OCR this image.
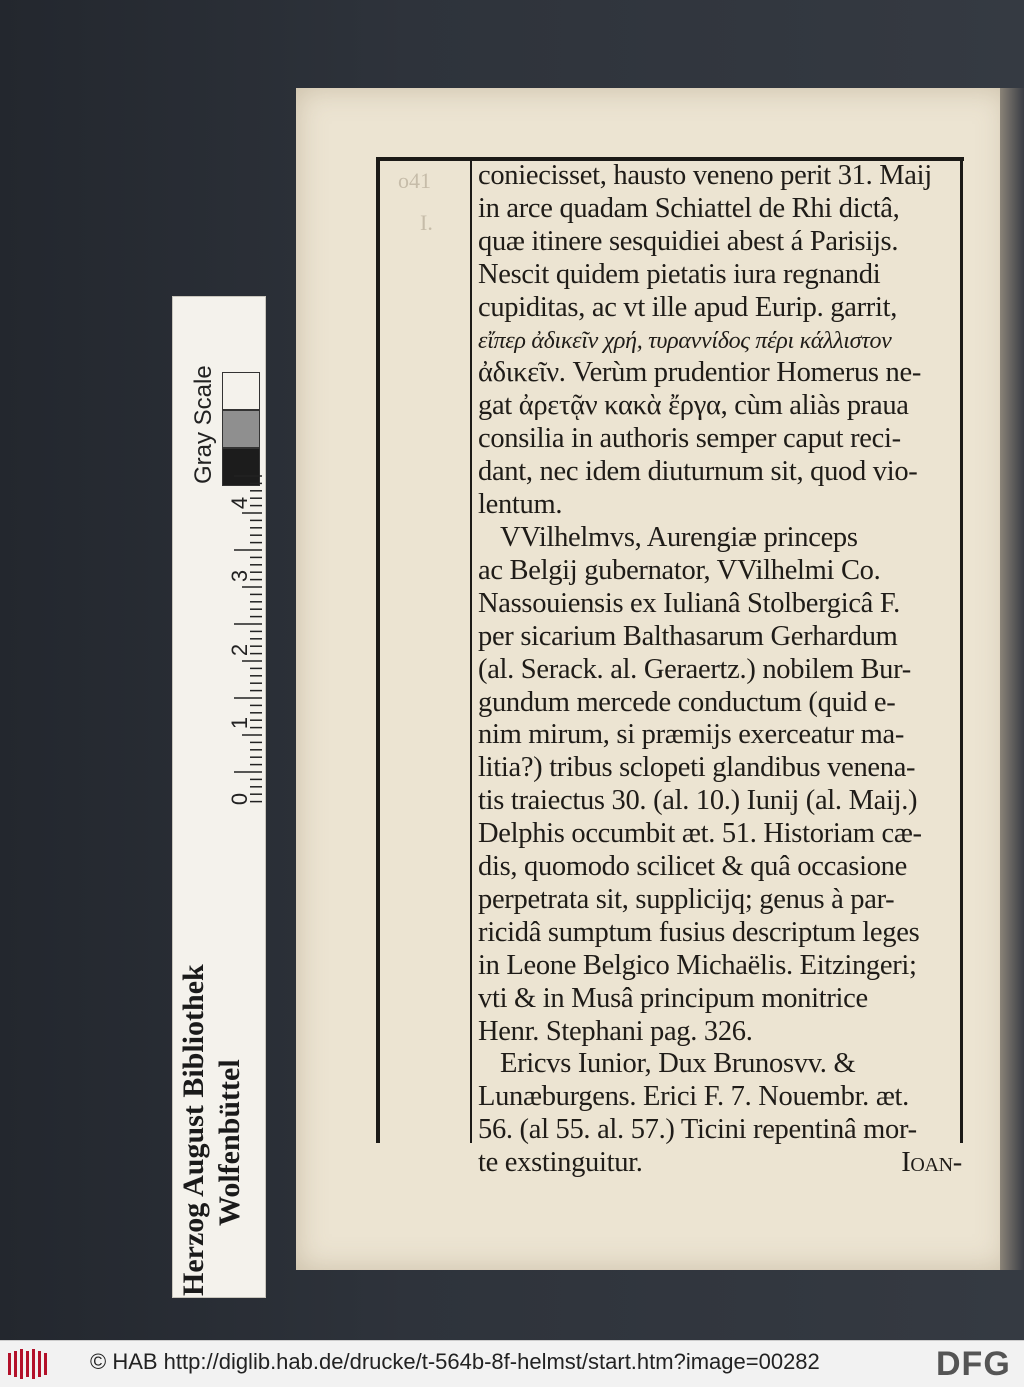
o41
I.
coniecisset, hausto veneno perit 31. Maij
in arce quadam Schiattel de Rhi dictâ,
quæ itinere sesquidiei abest á Parisijs.
Nescit quidem pietatis iura regnandi
cupiditas, ac vt ille apud Eurip. garrit,
εἴπερ ἀδικεῖν χρή, τυραννίδος πέρι κάλλιστον
ἀδικεῖν. Verùm prudentior Homerus ne-
gat ἀρετᾷν κακὰ ἔργα, cùm aliàs praua
consilia in authoris semper caput reci-
dant, nec idem diuturnum sit, quod vio-
lentum.
VVilhelmvs, Aurengiæ princeps
ac Belgij gubernator, VVilhelmi Co.
Nassouiensis ex Iulianâ Stolbergicâ F.
per sicarium Balthasarum Gerhardum
(al. Serack. al. Geraertz.) nobilem Bur-
gundum mercede conductum (quid e-
nim mirum, si præmijs exerceatur ma-
litia?) tribus sclopeti glandibus venena-
tis traiectus 30. (al. 10.) Iunij (al. Maij.)
Delphis occumbit æt. 51. Historiam cæ-
dis, quomodo scilicet & quâ occasione
perpetrata sit, supplicijq; genus à par-
ricidâ sumptum fusius descriptum leges
in Leone Belgico Michaëlis. Eitzingeri;
vti & in Musâ principum monitrice
Henr. Stephani pag. 326.
Ericvs Iunior, Dux Brunosvv. &
Lunæburgens. Erici F. 7. Nouembr. æt.
56. (al 55. al. 57.) Ticini repentinâ mor-
te exstinguitur.	Ioan-
Gray Scale
0
1
2
3
4
Herzog August Bibliothek Wolfenbüttel
© HAB http://diglib.hab.de/drucke/t-564b-8f-helmst/start.htm?image=00282	DFG
